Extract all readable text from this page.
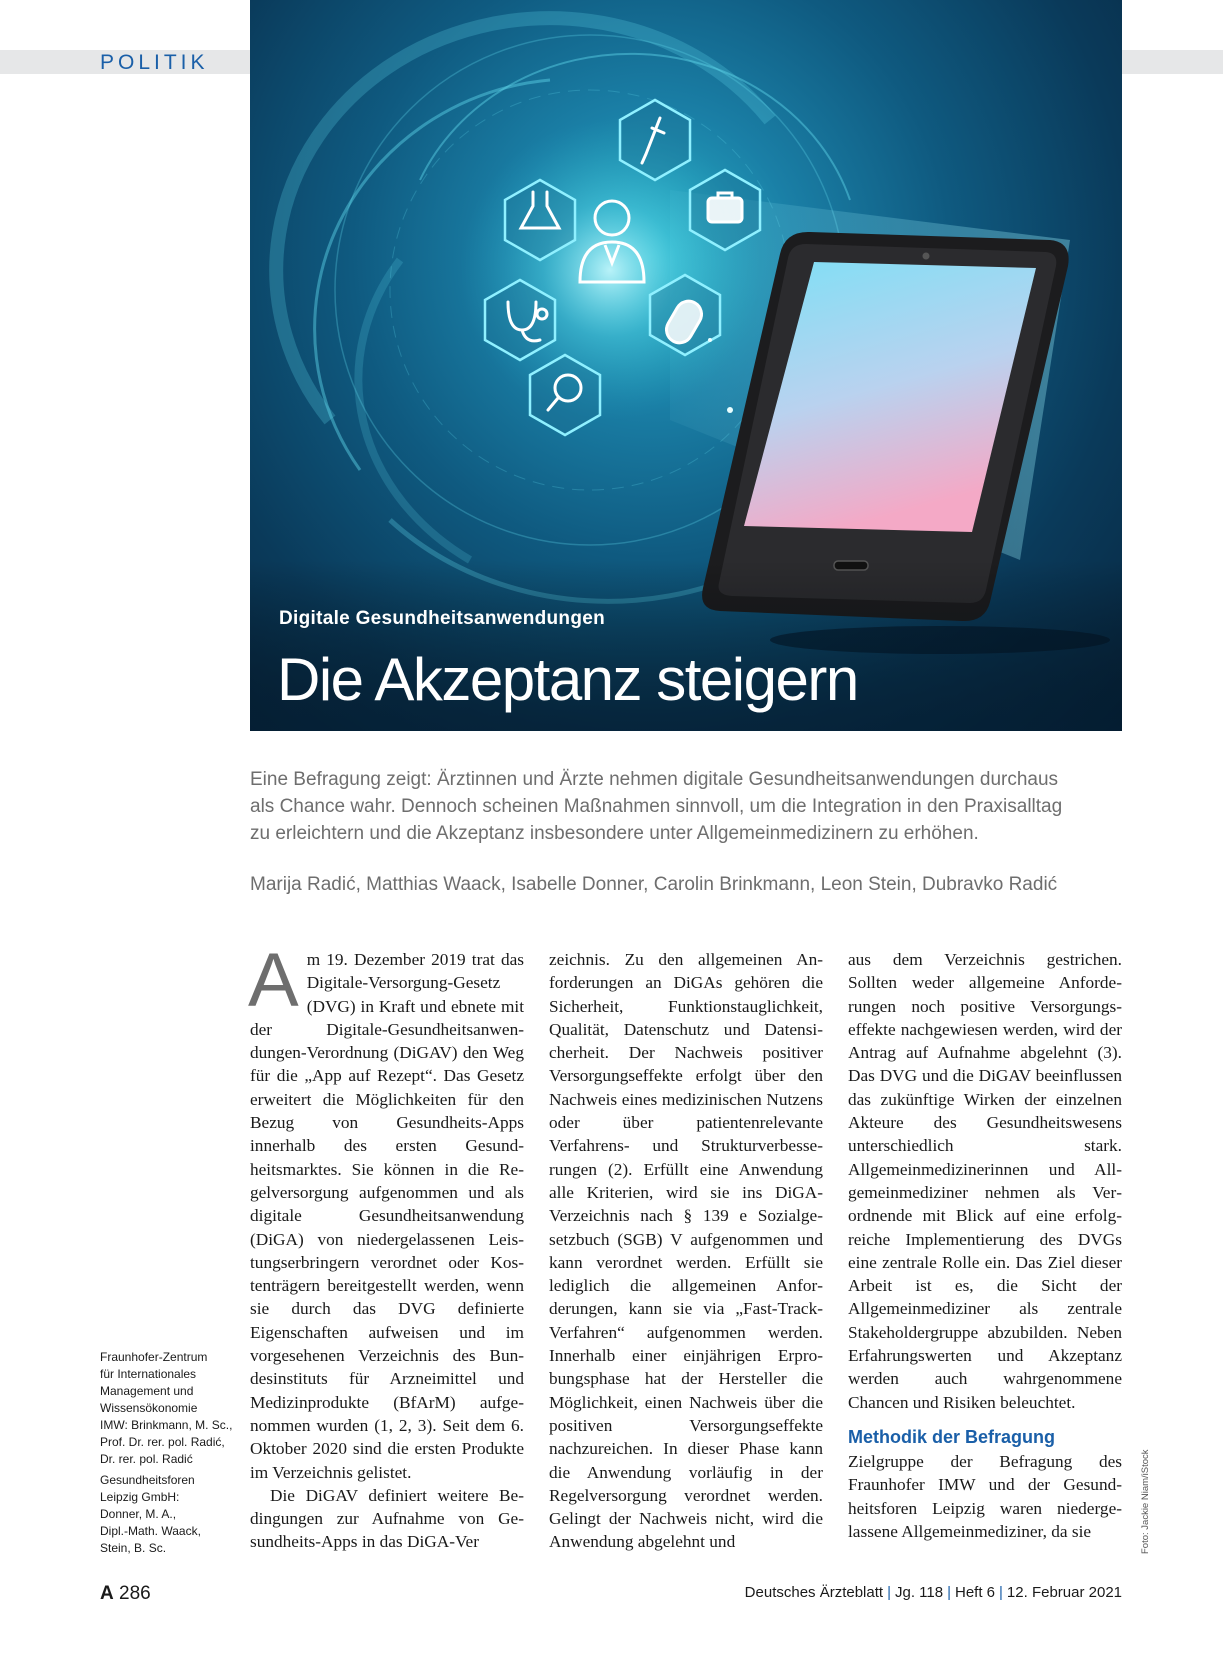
POLITIK
Digitale Gesundheitsanwendungen
Die Akzeptanz steigern
Eine Befragung zeigt: Ärztinnen und Ärzte nehmen digitale Gesundheitsanwendungen durchaus
als Chance wahr. Dennoch scheinen Maßnahmen sinnvoll, um die Integration in den Praxisalltag
zu erleichtern und die Akzeptanz insbesondere unter Allgemeinmedizinern zu erhöhen.
Marija Radić, Matthias Waack, Isabelle Donner, Carolin Brinkmann, Leon Stein, Dubravko Radić

Fraunhofer-Zentrum
für Internationales
Management und
Wissensökonomie
IMW: Brinkmann, M. Sc.,
Prof. Dr. rer. pol. Radić,
Dr. rer. pol. Radić

Gesundheitsforen
Leipzig GmbH:
Donner, M. A.,
Dipl.-Math. Waack,
Stein, B. Sc.

Am 19. Dezember 2019 trat das Digitale-Versorgung-Gesetz (DVG) in Kraft und ebnete mit der Digitale-Gesundheitsanwendungen-Verordnung (DiGAV) den Weg für die „App auf Rezept“. Das Gesetz erweitert die Möglichkeiten für den Bezug von Gesundheits-Apps innerhalb des ersten Gesundheitsmarktes. Sie können in die Regelversorgung aufgenommen und als digitale Gesundheitsanwendung (DiGA) von niedergelassenen Leistungserbringern verordnet oder Kostenträgern bereitgestellt werden, wenn sie durch das DVG definierte Eigenschaften aufweisen und im vorgesehenen Verzeichnis des Bundesinstituts für Arzneimittel und Medizinprodukte (BfArM) aufgenommen wurden (1, 2, 3). Seit dem 6. Oktober 2020 sind die ersten Produkte im Verzeichnis gelistet.

Die DiGAV definiert weitere Bedingungen zur Aufnahme von Gesundheits-Apps in das DiGA-Ver

zeichnis. Zu den allgemeinen Anforderungen an DiGAs gehören die Sicherheit, Funktionstauglichkeit, Qualität, Datenschutz und Datensicherheit. Der Nachweis positiver Versorgungseffekte erfolgt über den Nachweis eines medizinischen Nutzens oder über patientenrelevante Verfahrens- und Strukturverbesserungen (2). Erfüllt eine Anwendung alle Kriterien, wird sie ins DiGA-Verzeichnis nach § 139 e Sozialgesetzbuch (SGB) V aufgenommen und kann verordnet werden. Erfüllt sie lediglich die allgemeinen Anforderungen, kann sie via „Fast-Track-Verfahren“ aufgenommen werden. Innerhalb einer einjährigen Erprobungsphase hat der Hersteller die Möglichkeit, einen Nachweis über die positiven Versorgungseffekte nachzureichen. In dieser Phase kann die Anwendung vorläufig in der Regelversorgung verordnet werden. Gelingt der Nachweis nicht, wird die Anwendung abgelehnt und

aus dem Verzeichnis gestrichen. Sollten weder allgemeine Anforderungen noch positive Versorgungseffekte nachgewiesen werden, wird der Antrag auf Aufnahme abgelehnt (3). Das DVG und die DiGAV beeinflussen das zukünftige Wirken der einzelnen Akteure des Gesundheitswesens unterschiedlich stark. Allgemeinmedizinerinnen und Allgemeinmediziner nehmen als Verordnende mit Blick auf eine erfolgreiche Implementierung des DVGs eine zentrale Rolle ein. Das Ziel dieser Arbeit ist es, die Sicht der Allgemeinmediziner als zentrale Stakeholdergruppe abzubilden. Neben Erfahrungswerten und Akzeptanz werden auch wahrgenommene Chancen und Risiken beleuchtet.

Methodik der Befragung

Zielgruppe der Befragung des Fraunhofer IMW und der Gesundheitsforen Leipzig waren niedergelassene Allgemeinmediziner, da sie	Foto: Jackie Niam/iStock
A 286	Deutsches Ärzteblatt | Jg. 118 | Heft 6 | 12. Februar 2021
